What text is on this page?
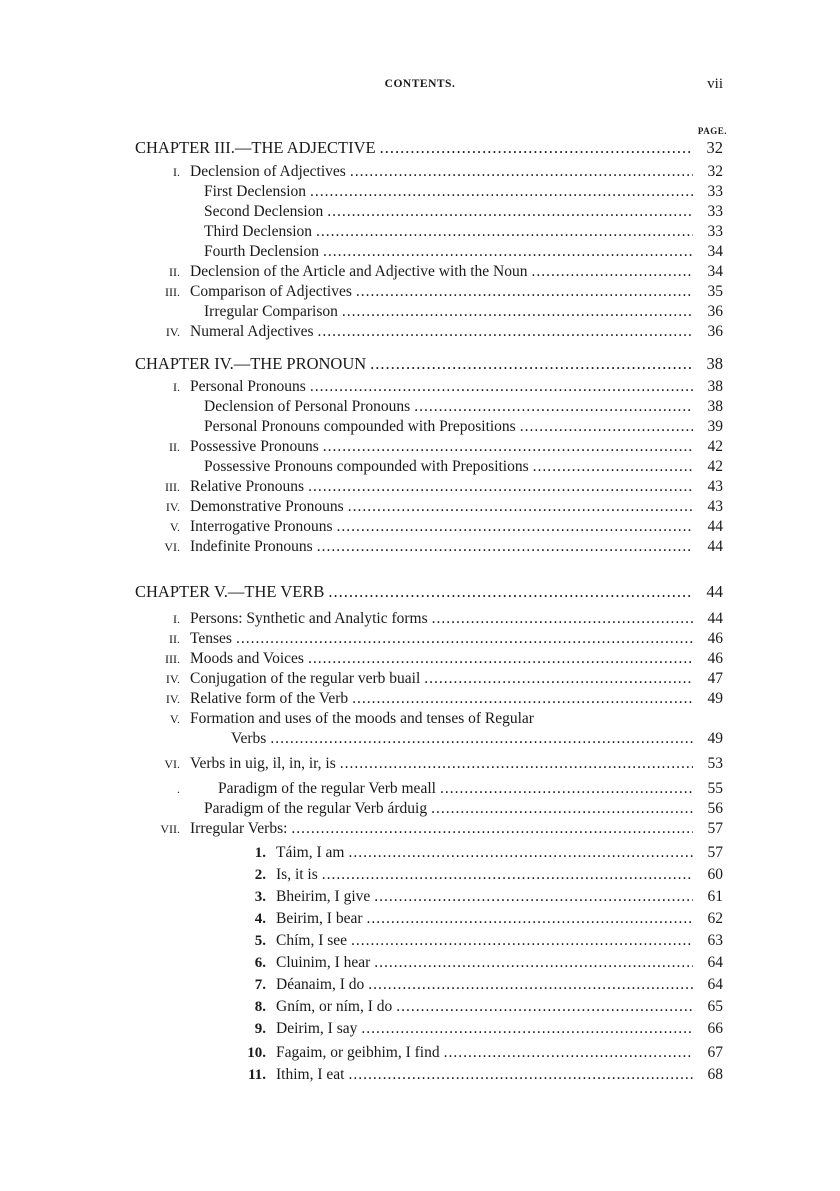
CONTENTS.	vii
PAGE.
CHAPTER III.—THE ADJECTIVE .....	32
I. Declension of Adjectives .....	32
First Declension .....	33
Second Declension .....	33
Third Declension .....	33
Fourth Declension .....	34
II. Declension of the Article and Adjective with the Noun .....	34
III. Comparison of Adjectives .....	35
Irregular Comparison .....	36
IV. Numeral Adjectives .....	36
CHAPTER IV.—THE PRONOUN .....	38
I. Personal Pronouns .....	38
Declension of Personal Pronouns .....	38
Personal Pronouns compounded with Prepositions .....	39
II. Possessive Pronouns .....	42
Possessive Pronouns compounded with Prepositions .....	42
III. Relative Pronouns .....	43
IV. Demonstrative Pronouns .....	43
V. Interrogative Pronouns .....	44
VI. Indefinite Pronouns .....	44
CHAPTER V.—THE VERB .....	44
I. Persons: Synthetic and Analytic forms .....	44
II. Tenses .....	46
III. Moods and Voices .....	46
IV. Conjugation of the regular verb buail .....	47
IV. Relative form of the Verb .....	49
V. Formation and uses of the moods and tenses of Regular
Verbs .....	49
VI. Verbs in uig, il, in, ir, is .....	53
. Paradigm of the regular Verb meall .....	55
Paradigm of the regular Verb árduig .....	56
VII. Irregular Verbs: .....	57
1. Táim, I am .....	57
2. Is, it is .....	60
3. Bheirim, I give .....	61
4. Beirim, I bear .....	62
5. Chím, I see .....	63
6. Cluinim, I hear .....	64
7. Déanaim, I do .....	64
8. Gním, or ním, I do .....	65
9. Deirim, I say .....	66
10. Fagaim, or geibhim, I find .....	67
11. Ithim, I eat .....	68
